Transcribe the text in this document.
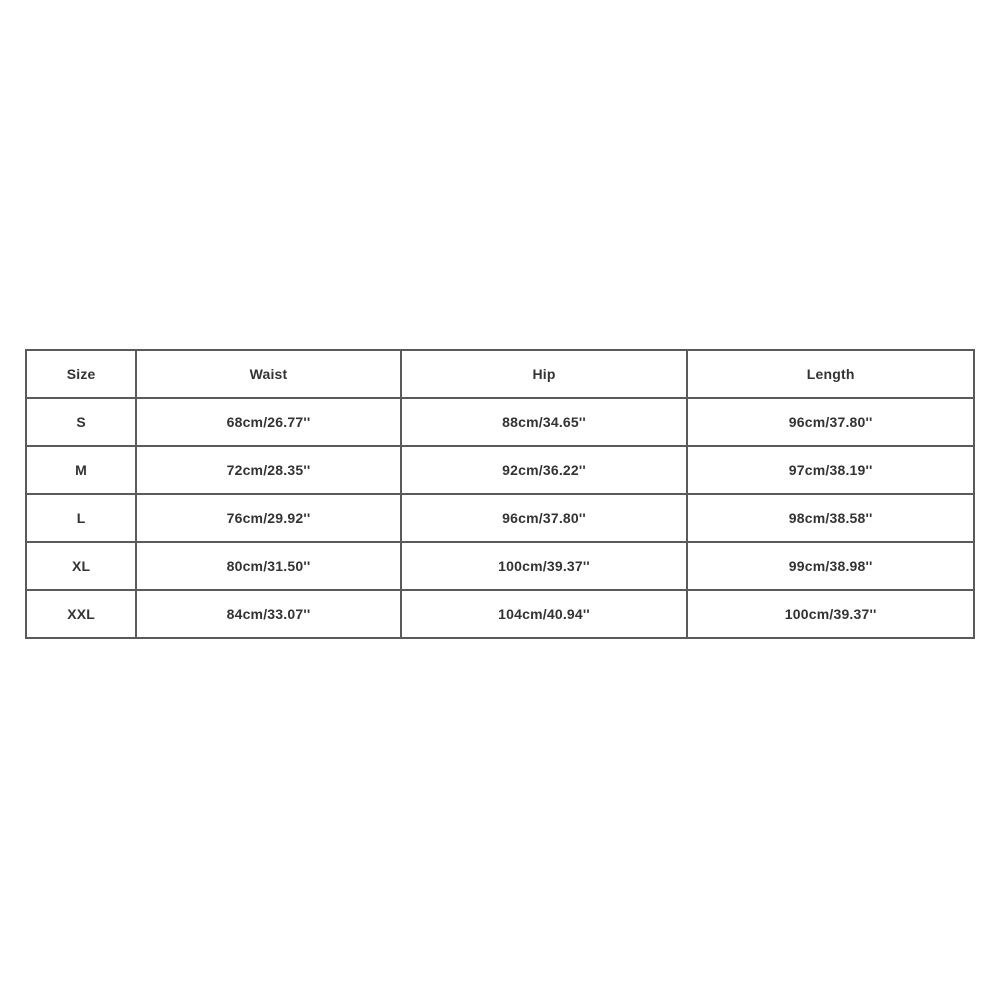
Size	Waist	Hip	Length
S	68cm/26.77''	88cm/34.65''	96cm/37.80''
M	72cm/28.35''	92cm/36.22''	97cm/38.19''
L	76cm/29.92''	96cm/37.80''	98cm/38.58''
XL	80cm/31.50''	100cm/39.37''	99cm/38.98''
XXL	84cm/33.07''	104cm/40.94''	100cm/39.37''
